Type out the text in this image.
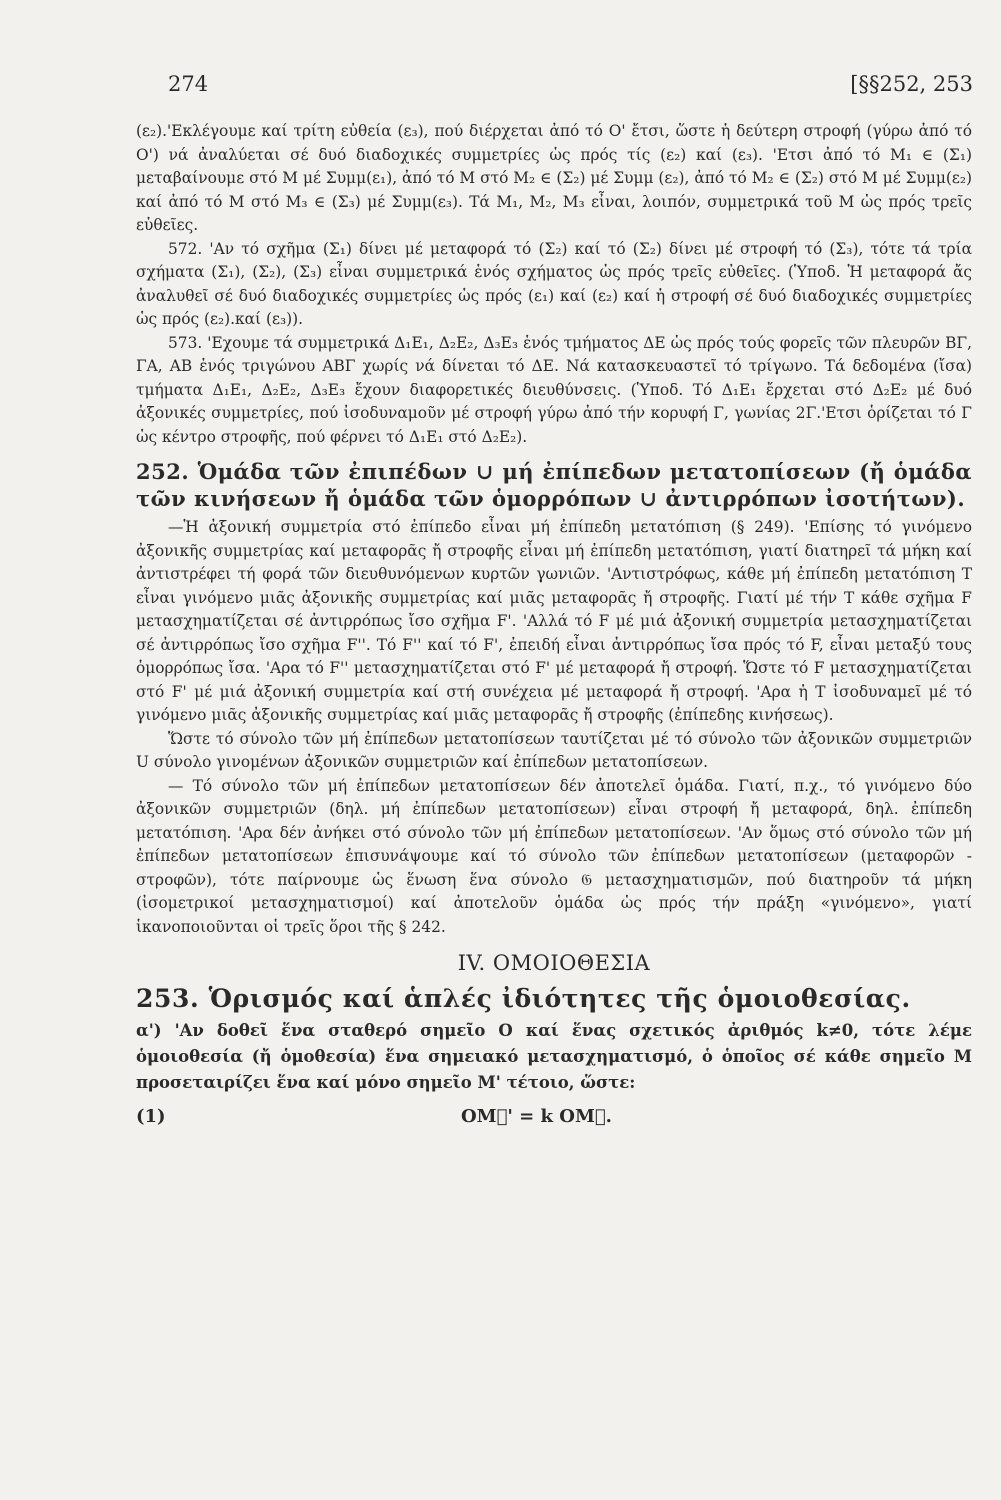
274	[§§252, 253

(ε₂).'Εκλέγουμε καί τρίτη εὐθεία (ε₃), πού διέρχεται ἀπό τό O' ἔτσι, ὥστε ἡ δεύτερη στροφή (γύρω ἀπό τό O') νά ἀναλύεται σέ δυό διαδοχικές συμμετρίες ὡς πρός τίς (ε₂) καί (ε₃). 'Ετσι ἀπό τό M₁ ∈ (Σ₁) μεταβαίνουμε στό M μέ Συμμ(ε₁), ἀπό τό M στό M₂ ∈ (Σ₂) μέ Συμμ (ε₂), ἀπό τό M₂ ∈ (Σ₂) στό M μέ Συμμ(ε₂) καί ἀπό τό M στό M₃ ∈ (Σ₃) μέ Συμμ(ε₃). Τά M₁, M₂, M₃ εἶναι, λοιπόν, συμμετρικά τοῦ M ὡς πρός τρεῖς εὐθεῖες.

572. 'Αν τό σχῆμα (Σ₁) δίνει μέ μεταφορά τό (Σ₂) καί τό (Σ₂) δίνει μέ στροφή τό (Σ₃), τότε τά τρία σχήματα (Σ₁), (Σ₂), (Σ₃) εἶναι συμμετρικά ἑνός σχήματος ὡς πρός τρεῖς εὐθεῖες. (Ὑποδ. Ἡ μεταφορά ἄς ἀναλυθεῖ σέ δυό διαδοχικές συμμετρίες ὡς πρός (ε₁) καί (ε₂) καί ἡ στροφή σέ δυό διαδοχικές συμμετρίες ὡς πρός (ε₂).καί (ε₃)).

573. 'Εχουμε τά συμμετρικά Δ₁E₁, Δ₂E₂, Δ₃E₃ ἑνός τμήματος ΔE ὡς πρός τούς φορεῖς τῶν πλευρῶν ΒΓ, ΓΑ, ΑΒ ἑνός τριγώνου ΑΒΓ χωρίς νά δίνεται τό ΔE. Νά κατασκευαστεῖ τό τρίγωνο. Τά δεδομένα (ἴσα) τμήματα Δ₁E₁, Δ₂E₂, Δ₃E₃ ἔχουν διαφορετικές διευθύνσεις. (Ὑποδ. Τό Δ₁E₁ ἔρχεται στό Δ₂E₂ μέ δυό ἀξονικές συμμετρίες, πού ἰσοδυναμοῦν μέ στροφή γύρω ἀπό τήν κορυφή Γ, γωνίας 2Γ.'Ετσι ὁρίζεται τό Γ ὡς κέντρο στροφῆς, πού φέρνει τό Δ₁E₁ στό Δ₂E₂).

252. Ὁμάδα τῶν ἐπιπέδων ∪ μή ἐπίπεδων μετατοπίσεων (ἤ ὁμάδα τῶν κινήσεων ἤ ὁμάδα τῶν ὁμορρόπων ∪ ἀντιρρόπων ἰσοτήτων).

—Ἡ ἀξονική συμμετρία στό ἐπίπεδο εἶναι μή ἐπίπεδη μετατόπιση (§ 249). 'Επίσης τό γινόμενο ἀξονικῆς συμμετρίας καί μεταφορᾶς ἤ στροφῆς εἶναι μή ἐπίπεδη μετατόπιση, γιατί διατηρεῖ τά μήκη καί ἀντιστρέφει τή φορά τῶν διευθυνόμενων κυρτῶν γωνιῶν. 'Αντιστρόφως, κάθε μή ἐπίπεδη μετατόπιση T εἶναι γινόμενο μιᾶς ἀξονικῆς συμμετρίας καί μιᾶς μεταφορᾶς ἤ στροφῆς. Γιατί μέ τήν T κάθε σχῆμα F μετασχηματίζεται σέ ἀντιρρόπως ἴσο σχῆμα F'. 'Αλλά τό F μέ μιά ἀξονική συμμετρία μετασχηματίζεται σέ ἀντιρρόπως ἴσο σχῆμα F''. Τό F'' καί τό F', ἐπειδή εἶναι ἀντιρρόπως ἴσα πρός τό F, εἶναι μεταξύ τους ὁμορρόπως ἴσα. 'Αρα τό F'' μετασχηματίζεται στό F' μέ μεταφορά ἤ στροφή. Ὥστε τό F μετασχηματίζεται στό F' μέ μιά ἀξονική συμμετρία καί στή συνέχεια μέ μεταφορά ἤ στροφή. 'Αρα ἡ T ἰσοδυναμεῖ μέ τό γινόμενο μιᾶς ἀξονικῆς συμμετρίας καί μιᾶς μεταφορᾶς ἤ στροφῆς (ἐπίπεδης κινήσεως).

Ὥστε τό σύνολο τῶν μή ἐπίπεδων μετατοπίσεων ταυτίζεται μέ τό σύνολο τῶν ἀξονικῶν συμμετριῶν U σύνολο γινομένων ἀξονικῶν συμμετριῶν καί ἐπίπεδων μετατοπίσεων.

— Τό σύνολο τῶν μή ἐπίπεδων μετατοπίσεων δέν ἀποτελεῖ ὁμάδα. Γιατί, π.χ., τό γινόμενο δύο ἀξονικῶν συμμετριῶν (δηλ. μή ἐπίπεδων μετατοπίσεων) εἶναι στροφή ἤ μεταφορά, δηλ. ἐπίπεδη μετατόπιση. 'Αρα δέν ἀνήκει στό σύνολο τῶν μή ἐπίπεδων μετατοπίσεων. 'Αν ὅμως στό σύνολο τῶν μή ἐπίπεδων μετατοπίσεων ἐπισυνάψουμε καί τό σύνολο τῶν ἐπίπεδων μετατοπίσεων (μεταφορῶν - στροφῶν), τότε παίρνουμε ὡς ἕνωση ἕνα σύνολο 𝔊 μετασχηματισμῶν, πού διατηροῦν τά μήκη (ἰσομετρικοί μετασχηματισμοί) καί ἀποτελοῦν ὁμάδα ὡς πρός τήν πράξη «γινόμενο», γιατί ἱκανοποιοῦνται οἱ τρεῖς ὅροι τῆς § 242.

IV. ΟΜΟΙΟΘΕΣΙΑ
253. Ὁρισμός καί ἁπλές ἰδιότητες τῆς ὁμοιοθεσίας.

α') 'Αν δοθεῖ ἕνα σταθερό σημεῖο O καί ἕνας σχετικός ἀριθμός k≠0, τότε λέμε ὁμοιοθεσία (ἤ ὁμοθεσία) ἕνα σημειακό μετασχηματισμό, ὁ ὁποῖος σέ κάθε σημεῖο M προσεταιρίζει ἕνα καί μόνο σημεῖο M' τέτοιο, ὥστε:

(1)	OM⃗' = k OM⃗.
